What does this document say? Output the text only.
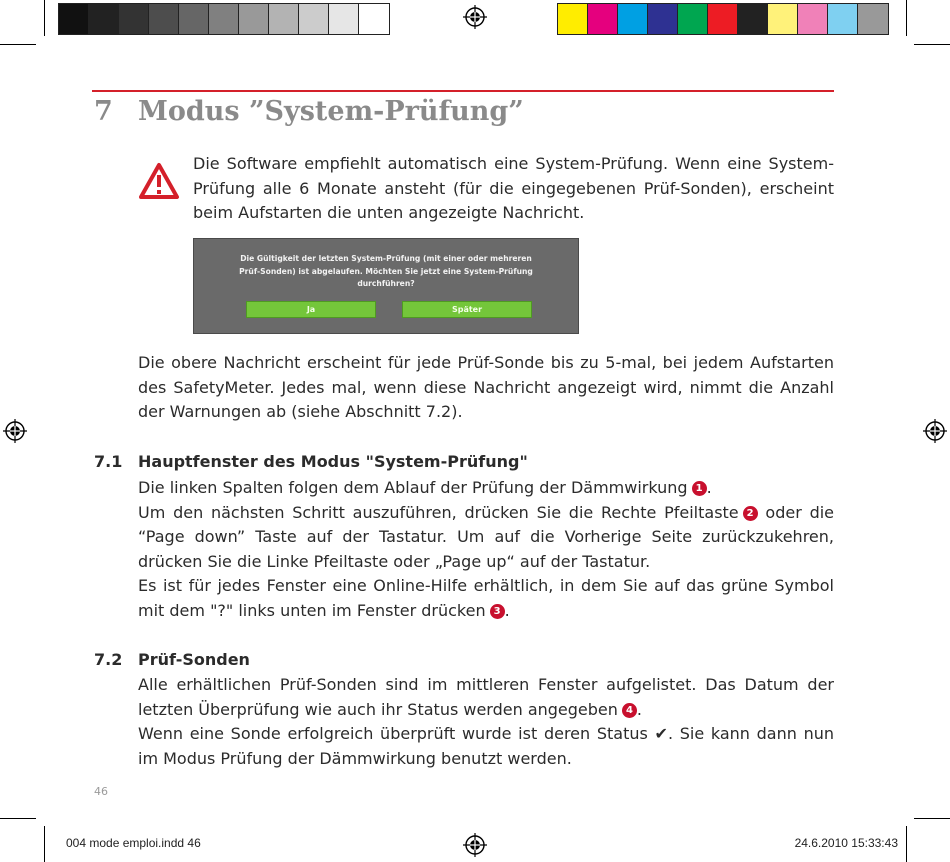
7 Modus ”System-Prüfung”

Die Software empfiehlt automatisch eine System-Prüfung. Wenn eine System-Prüfung alle 6 Monate ansteht (für die eingegebenen Prüf-Sonden), erscheint beim Aufstarten die unten angezeigte Nachricht.

Die Gültigkeit der letzten System-Prüfung (mit einer oder mehreren
Prüf-Sonden) ist abgelaufen. Möchten Sie jetzt eine System-Prüfung
durchführen?
Ja	Später

Die obere Nachricht erscheint für jede Prüf-Sonde bis zu 5-mal, bei jedem Aufstarten des SafetyMeter. Jedes mal, wenn diese Nachricht angezeigt wird, nimmt die Anzahl der Warnungen ab (siehe Abschnitt 7.2).

7.1 Hauptfenster des Modus "System-Prüfung"

Die linken Spalten folgen dem Ablauf der Prüfung der Dämmwirkung 1 .

Um den nächsten Schritt auszuführen, drücken Sie die Rechte Pfeiltaste 2 oder die “Page down” Taste auf der Tastatur. Um auf die Vorherige Seite zurückzukehren, drücken Sie die Linke Pfeiltaste oder „Page up“ auf der Tastatur.

Es ist für jedes Fenster eine Online-Hilfe erhältlich, in dem Sie auf das grüne Symbol mit dem "?" links unten im Fenster drücken 3 .

7.2 Prüf-Sonden

Alle erhältlichen Prüf-Sonden sind im mittleren Fenster aufgelistet. Das Datum der letzten Überprüfung wie auch ihr Status werden angegeben 4 .

Wenn eine Sonde erfolgreich überprüft wurde ist deren Status ✔. Sie kann dann nun im Modus Prüfung der Dämmwirkung benutzt werden.

46
004 mode emploi.indd 46	24.6.2010 15:33:43
